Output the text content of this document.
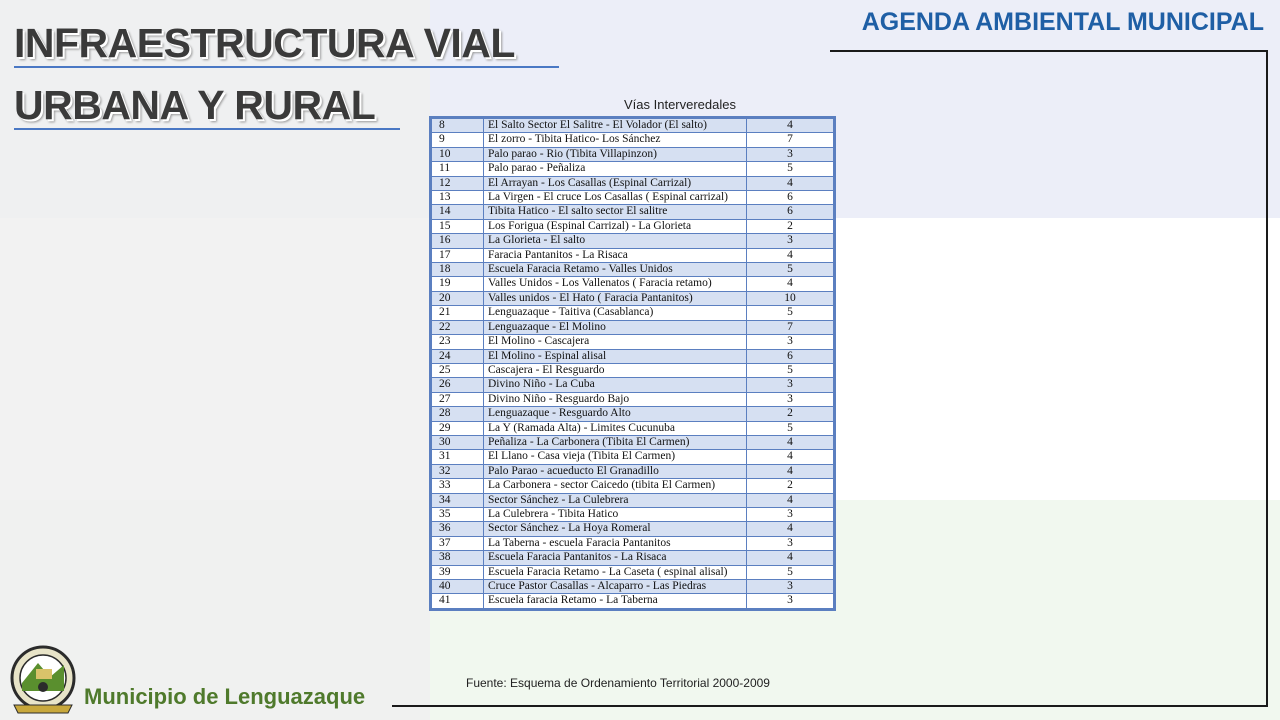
INFRAESTRUCTURA VIAL
URBANA Y RURAL
AGENDA AMBIENTAL MUNICIPAL
Vías Interveredales
8	El Salto Sector El Salitre - El Volador (El salto)	4
9	El zorro - Tibita Hatico- Los Sánchez	7
10	Palo parao - Rio (Tibita Villapinzon)	3
11	Palo parao - Peñaliza	5
12	El Arrayan - Los Casallas (Espinal Carrizal)	4
13	La Virgen - El cruce Los Casallas ( Espinal carrizal)	6
14	Tibita Hatico - El salto sector El salitre	6
15	Los Forigua (Espinal Carrizal) - La Glorieta	2
16	La Glorieta - El salto	3
17	Faracia Pantanitos - La Risaca	4
18	Escuela Faracia Retamo - Valles Unidos	5
19	Valles Unidos - Los Vallenatos ( Faracia retamo)	4
20	Valles unidos - El Hato ( Faracia Pantanitos)	10
21	Lenguazaque - Taitiva (Casablanca)	5
22	Lenguazaque - El Molino	7
23	El Molino - Cascajera	3
24	El Molino - Espinal alisal	6
25	Cascajera - El Resguardo	5
26	Divino Niño - La Cuba	3
27	Divino Niño - Resguardo Bajo	3
28	Lenguazaque - Resguardo Alto	2
29	La Y (Ramada Alta) - Limites Cucunuba	5
30	Peñaliza - La Carbonera (Tibita El Carmen)	4
31	El Llano - Casa vieja (Tibita El Carmen)	4
32	Palo Parao - acueducto El Granadillo	4
33	La Carbonera - sector Caicedo (tibita El Carmen)	2
34	Sector Sánchez - La Culebrera	4
35	La Culebrera - Tibita Hatico	3
36	Sector Sánchez - La Hoya Romeral	4
37	La Taberna - escuela Faracia Pantanitos	3
38	Escuela Faracia Pantanitos - La Risaca	4
39	Escuela Faracia Retamo - La Caseta ( espinal alisal)	5
40	Cruce Pastor Casallas - Alcaparro - Las Piedras	3
41	Escuela faracia Retamo - La Taberna	3
Fuente: Esquema de Ordenamiento Territorial 2000-2009
Municipio de Lenguazaque
